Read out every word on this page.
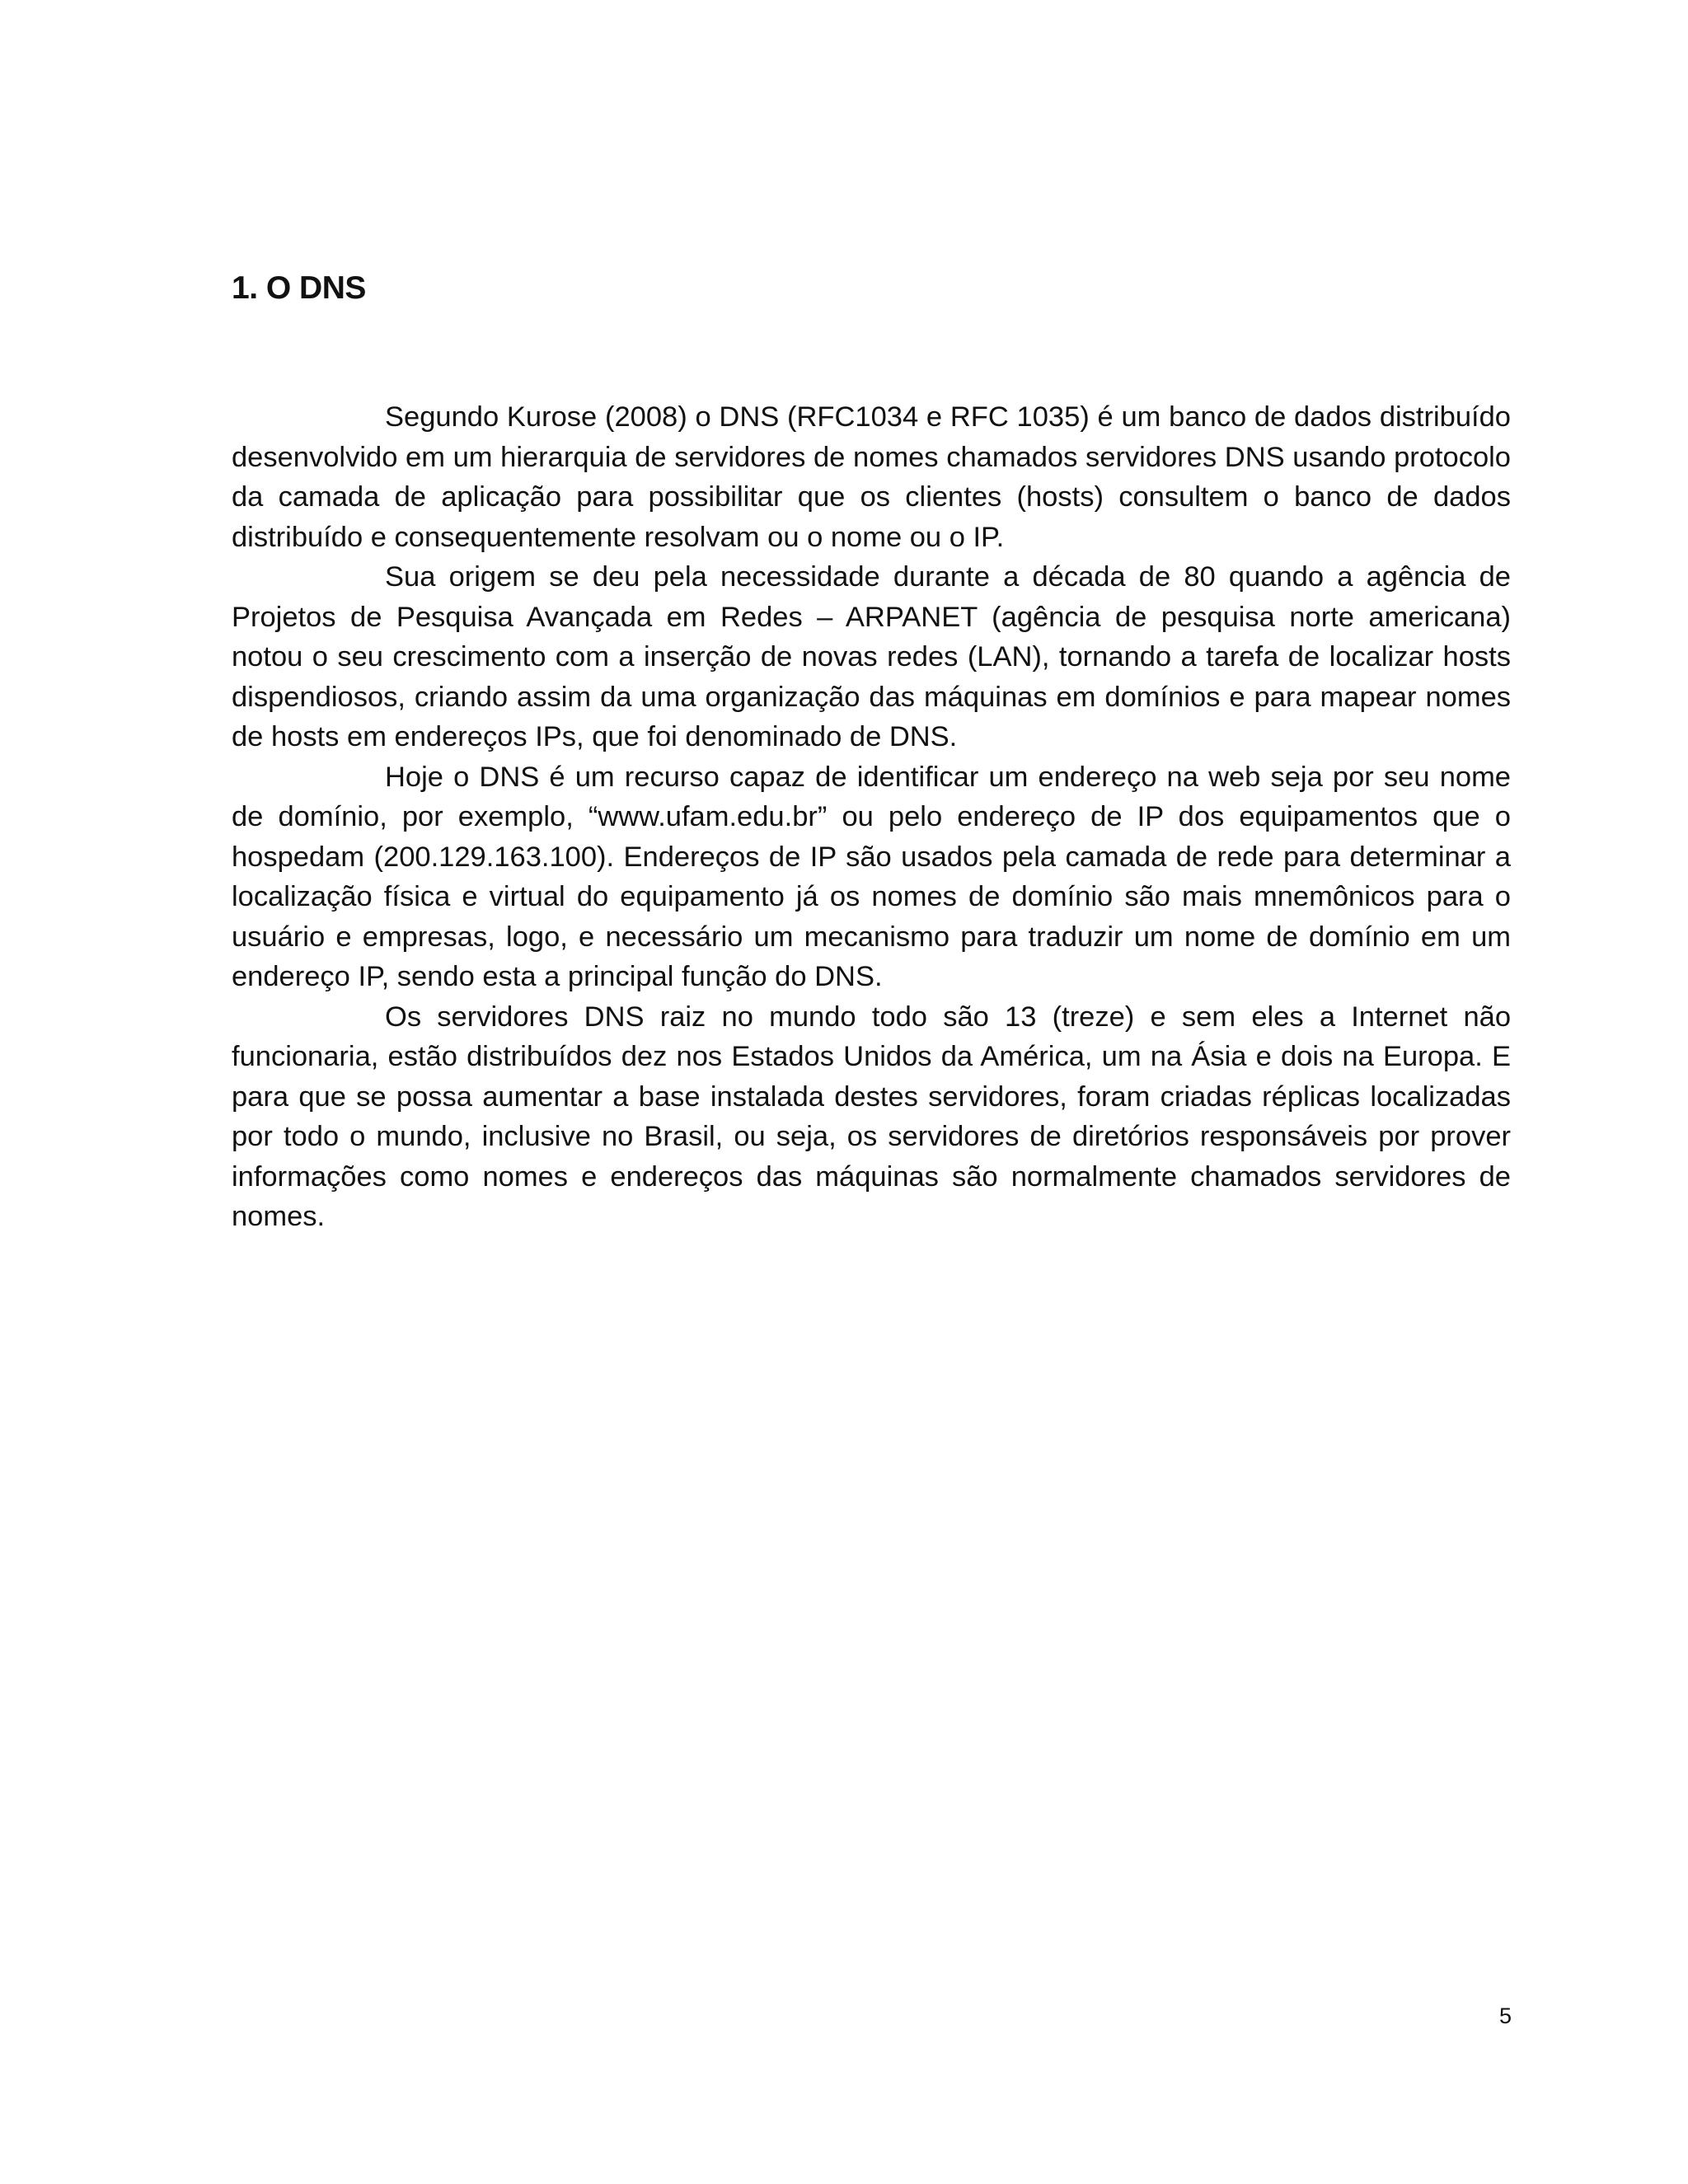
1. O DNS

Segundo Kurose (2008) o DNS (RFC1034 e RFC 1035) é um banco de dados distribuído desenvolvido em um hierarquia de servidores de nomes chamados servidores DNS usando protocolo da camada de aplicação para possibilitar que os clientes (hosts) consultem o banco de dados distribuído e consequentemente resolvam ou o nome ou o IP.

Sua origem se deu pela necessidade durante a década de 80 quando a agência de Projetos de Pesquisa Avançada em Redes – ARPANET (agência de pesquisa norte americana) notou o seu crescimento com a inserção de novas redes (LAN), tornando a tarefa de localizar hosts dispendiosos, criando assim da uma organização das máquinas em domínios e para mapear nomes de hosts em endereços IPs, que foi denominado de DNS.

Hoje o DNS é um recurso capaz de identificar um endereço na web seja por seu nome de domínio, por exemplo, “www.ufam.edu.br” ou pelo endereço de IP dos equipamentos que o hospedam (200.129.163.100). Endereços de IP são usados pela camada de rede para determinar a localização física e virtual do equipamento já os nomes de domínio são mais mnemônicos para o usuário e empresas, logo, e necessário um mecanismo para traduzir um nome de domínio em um endereço IP, sendo esta a principal função do DNS.

Os servidores DNS raiz no mundo todo são 13 (treze) e sem eles a Internet não funcionaria, estão distribuídos dez nos Estados Unidos da América, um na Ásia e dois na Europa. E para que se possa aumentar a base instalada destes servidores, foram criadas réplicas localizadas por todo o mundo, inclusive no Brasil, ou seja, os servidores de diretórios responsáveis por prover informações como nomes e endereços das máquinas são normalmente chamados servidores de nomes.

5
